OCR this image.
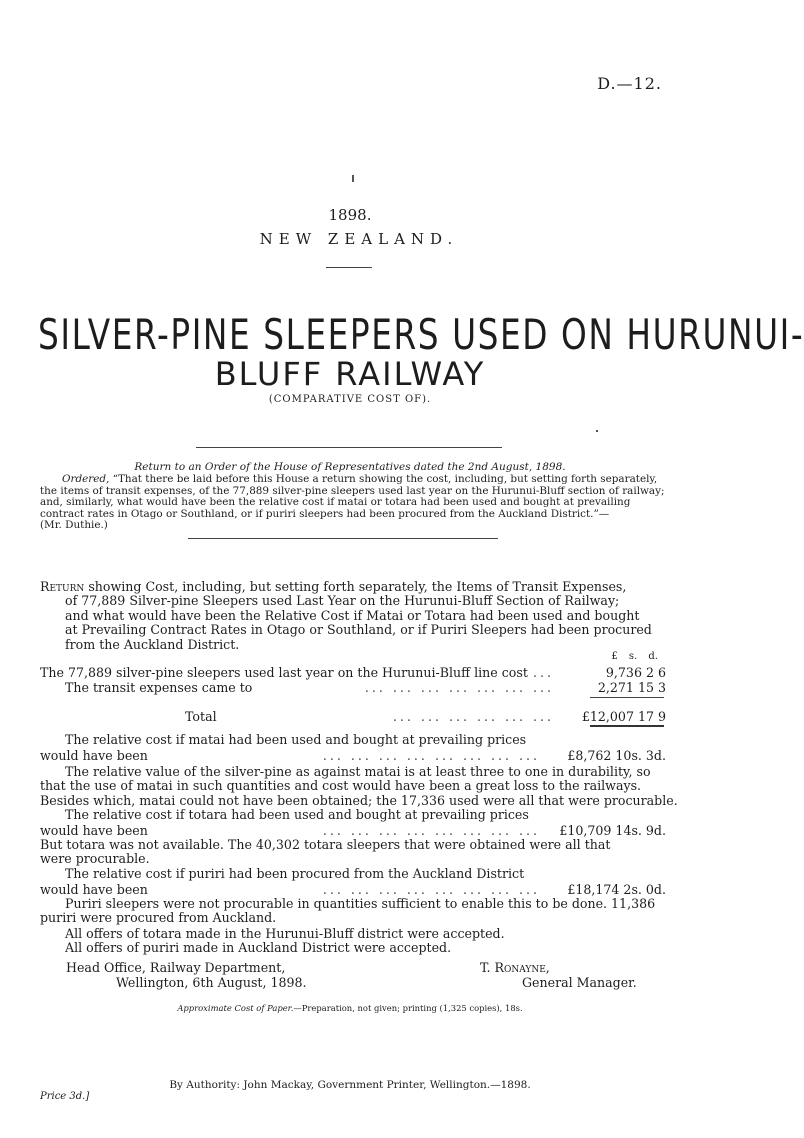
D.—12.
1898.
NEW ZEALAND.
SILVER-PINE SLEEPERS USED ON HURUNUI-
BLUFF RAILWAY
(COMPARATIVE COST OF).
Return to an Order of the House of Representatives dated the 2nd August, 1898.
Ordered, “That there be laid before this House a return showing the cost, including, but setting forth separately,
the items of transit expenses, of the 77,889 silver-pine sleepers used last year on the Hurunui-Bluff section of railway;
and, similarly, what would have been the relative cost if matai or totara had been used and bought at prevailing
contract rates in Otago or Southland, or if puriri sleepers had been procured from the Auckland District.”—
(Mr. Duthie.)
Return showing Cost, including, but setting forth separately, the Items of Transit Expenses,
of 77,889 Silver-pine Sleepers used Last Year on the Hurunui-Bluff Section of Railway;
and what would have been the Relative Cost if Matai or Totara had been used and bought
at Prevailing Contract Rates in Otago or Southland, or if Puriri Sleepers had been procured
from the Auckland District.
£ s. d.
The 77,889 silver-pine sleepers used last year on the Hurunui-Bluff line cost	9,736 2 6
...
The transit expenses came to	... ... ... ... ... ... ...	2,271 15 3
Total	... ... ... ... ... ... £12,007 17 9
The relative cost if matai had been used and bought at prevailing prices
would have been	... ... ... ... ... ... ... ... £8,762 10s. 3d.
The relative value of the silver-pine as against matai is at least three to one in durability, so
that the use of matai in such quantities and cost would have been a great loss to the railways.
Besides which, matai could not have been obtained; the 17,336 used were all that were procurable.
The relative cost if totara had been used and bought at prevailing prices
would have been	... ... ... ... ... ... ... ... £10,709 14s. 9d.
But totara was not available. The 40,302 totara sleepers that were obtained were all that
were procurable.
The relative cost if puriri had been procured from the Auckland District
would have been	... ... ... ... ... ... ... ... £18,174 2s. 0d.
Puriri sleepers were not procurable in quantities sufficient to enable this to be done. 11,386
puriri were procured from Auckland.
All offers of totara made in the Hurunui-Bluff district were accepted.
All offers of puriri made in Auckland District were accepted.
Head Office, Railway Department,
Wellington, 6th August, 1898.
T. Ronayne,
General Manager.
Approximate Cost of Paper.—Preparation, not given; printing (1,325 copies), 18s.
By Authority: John Mackay, Government Printer, Wellington.—1898.
Price 3d.]
